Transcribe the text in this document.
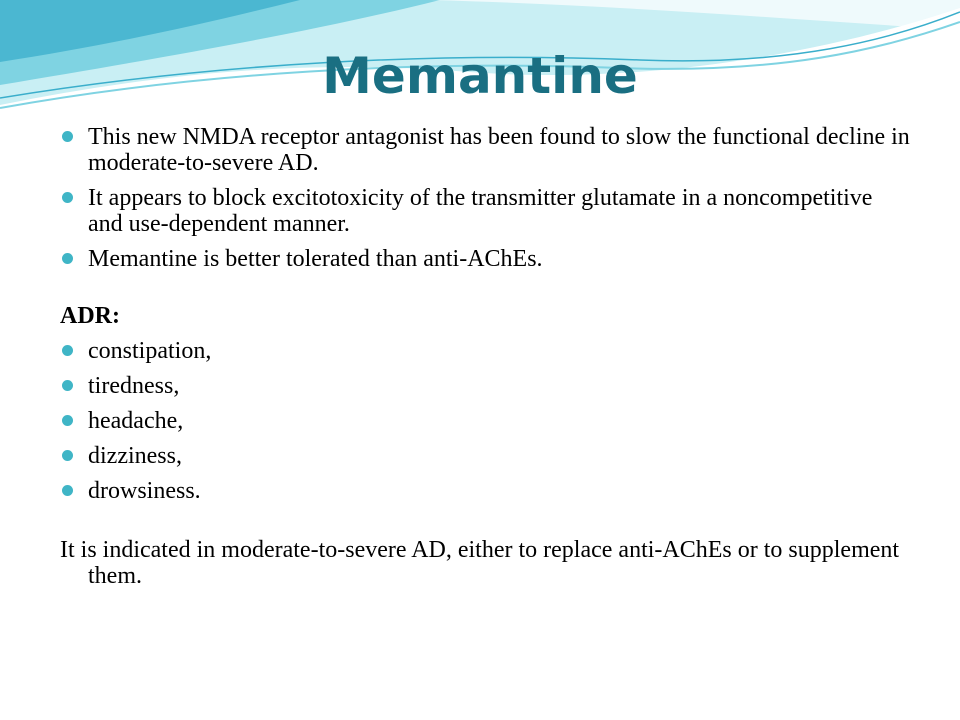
Memantine
This new NMDA receptor antagonist has been found to slow the functional decline in moderate-to-severe AD.
It appears to block excitotoxicity of the transmitter glutamate in a noncompetitive and use-dependent manner.
Memantine is better tolerated than anti-AChEs.
ADR:
constipation,
tiredness,
headache,
dizziness,
drowsiness.
It is indicated in moderate-to-severe AD, either to replace anti-AChEs or to supplement them.
